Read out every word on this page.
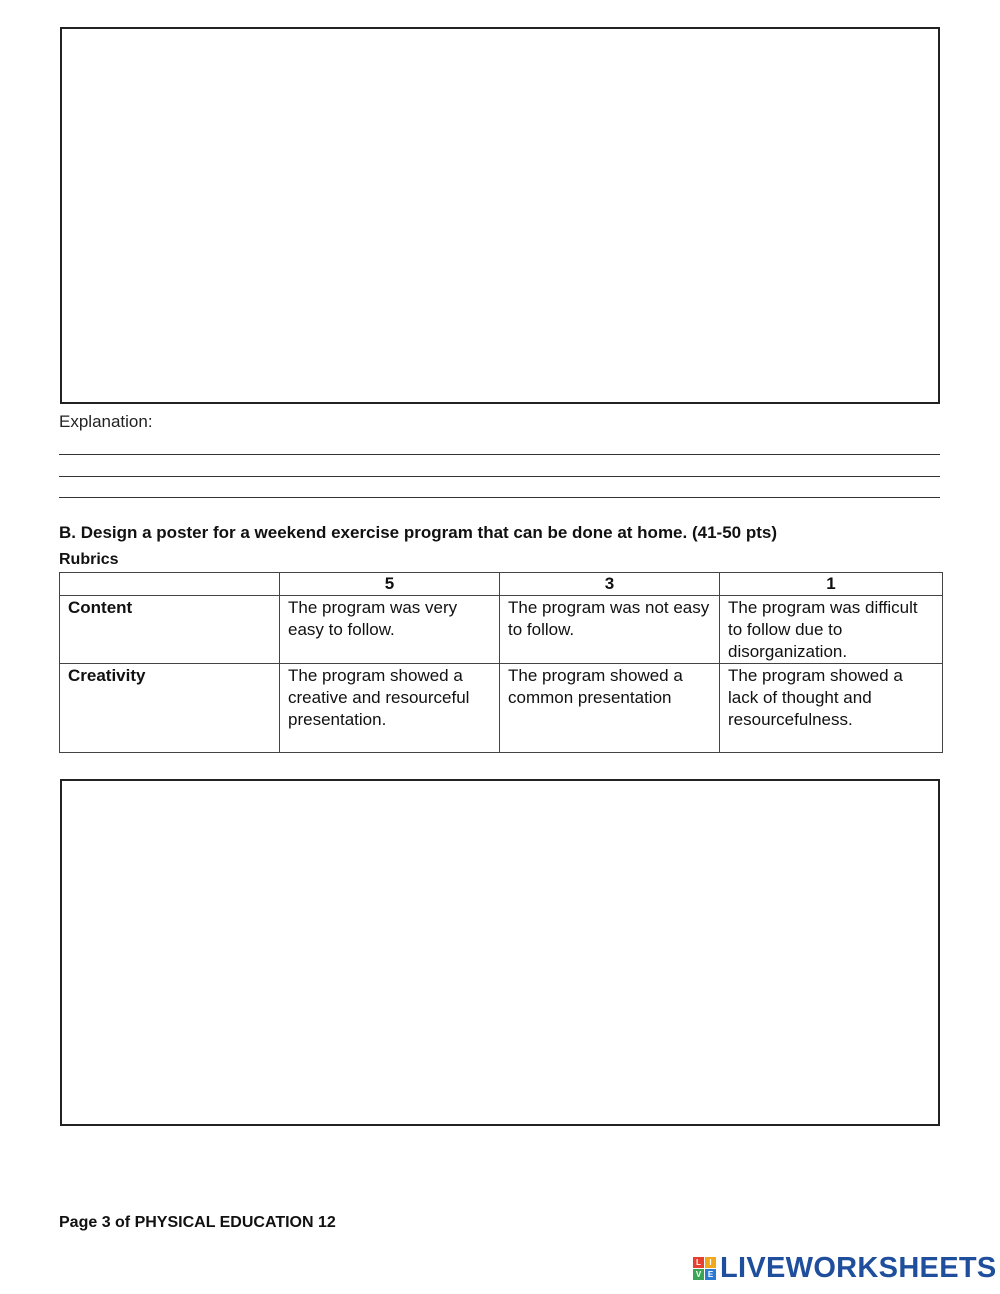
Explanation:
B. Design a poster for a weekend exercise program that can be done at home. (41-50 pts)
Rubrics
	5	3	1
Content	The program was very easy to follow.	The program was not easy to follow.	The program was difficult to follow due to disorganization.
Creativity	The program showed a creative and resourceful presentation.	The program showed a common presentation	The program showed a lack of thought and resourcefulness.
Page 3 of PHYSICAL EDUCATION 12
L	I
V E LIVEWORKSHEETS
